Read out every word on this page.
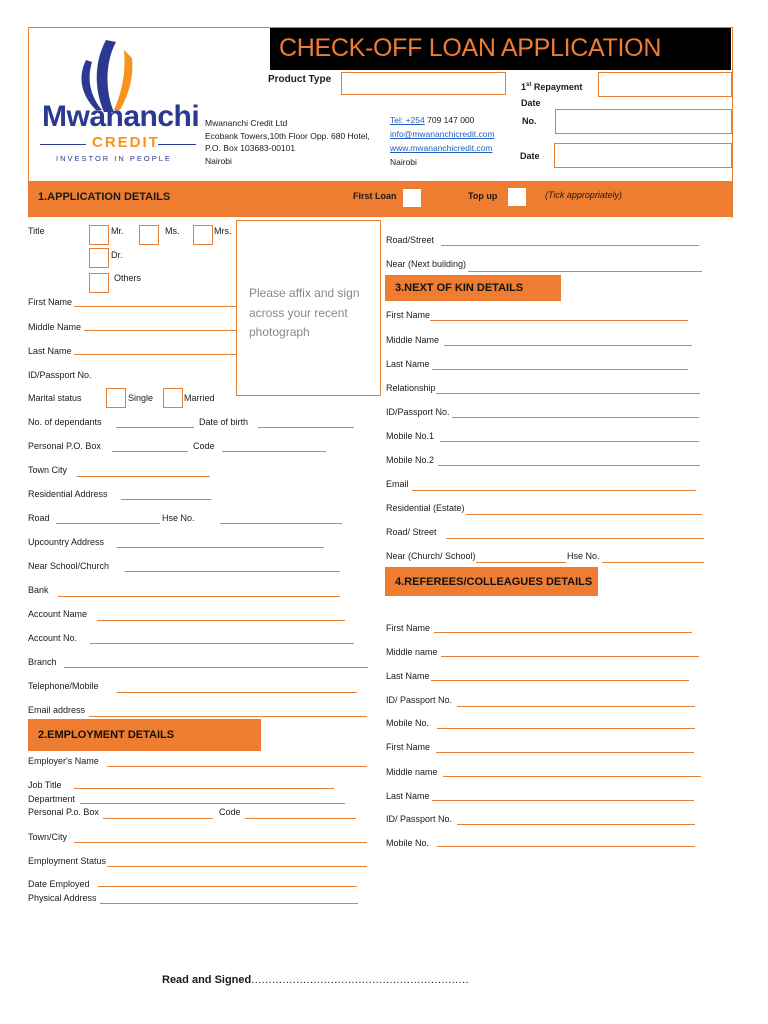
Mwananchi
CREDIT
INVESTOR IN PEOPLE
CHECK-OFF LOAN APPLICATION
Product Type
1st Repayment
Date
No.
Date
Mwananchi Credit Ltd
Ecobank Towers,10th Floor Opp. 680 Hotel,
P.O. Box 103683-00101
Nairobi
Tel: +254 709 147 000
info@mwananchicredit.com
www.mwananchicredit.com
Nairobi
1.APPLICATION DETAILS	First Loan	Top up	(Tick appropriately)
Please affix and sign across your recent photograph
Title	Mr.	Ms.	Mrs.
Dr.
Others
First Name
Middle Name
Last Name
ID/Passport No.
Marital status	Single	Married
No. of dependants	Date of birth
Personal P.O. Box	Code
Town City
Residential Address
Road	Hse No.
Upcountry Address
Near School/Church
Bank
Account Name
Account No.
Branch
Telephone/Mobile
Email address
2.EMPLOYMENT DETAILS
Employer's Name
Job Title
Department
Personal P.o. Box	Code
Town/City
Employment Status
Date Employed
Physical Address
Road/Street
Near (Next building)
3.NEXT OF KIN DETAILS
First Name
Middle Name
Last Name
Relationship
ID/Passport No.
Mobile No.1
Mobile No.2
Email
Residential (Estate)
Road/ Street
Near (Church/ School)	Hse No.
4.REFEREES/COLLEAGUES DETAILS
First Name
Middle name
Last Name
ID/ Passport No.
Mobile No.
First Name
Middle name
Last Name
ID/ Passport No.
Mobile No.
Read and Signed...............................................................
